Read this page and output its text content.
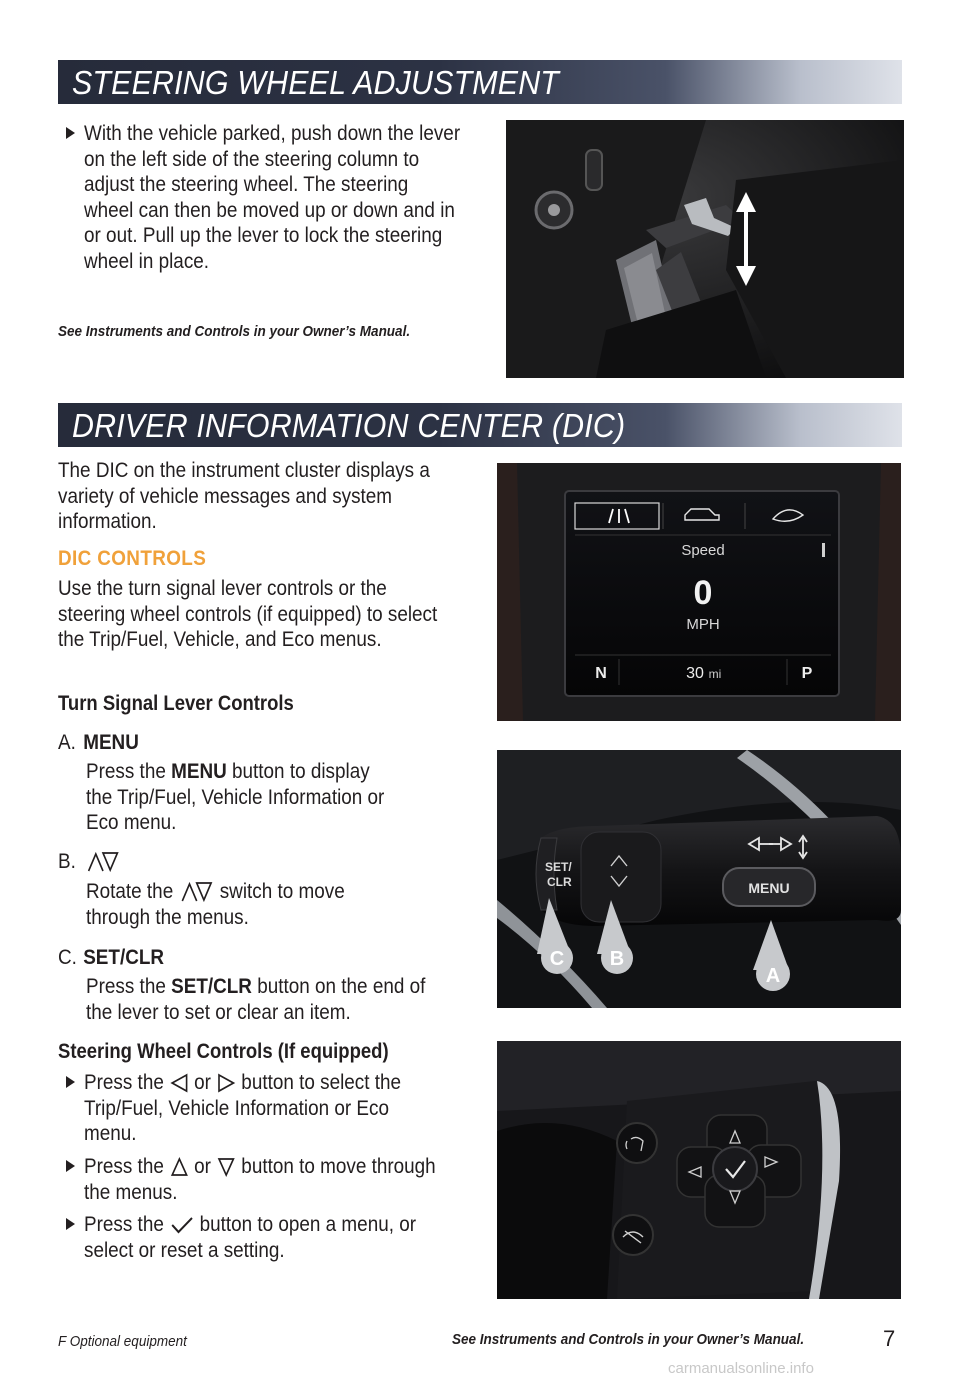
STEERING WHEEL ADJUSTMENT
With the vehicle parked, push down the lever on the left side of the steering column to adjust the steering wheel. The steering wheel can then be moved up or down and in or out. Pull up the lever to lock the steering wheel in place.
See Instruments and Controls in your Owner’s Manual.
DRIVER INFORMATION CENTER (DIC)
The DIC on the instrument cluster displays a variety of vehicle messages and system information.
DIC CONTROLS
Use the turn signal lever controls or the steering wheel controls (if equipped) to select the Trip/Fuel, Vehicle, and Eco menus.
Turn Signal Lever Controls
A. MENU
Press the MENU button to display the Trip/Fuel, Vehicle Information or Eco menu.
B.
Rotate the switch to move through the menus.
C. SET/CLR
Press the SET/CLR button on the end of the lever to set or clear an item.
Steering Wheel Controls (If equipped)
Press the or button to select the Trip/Fuel, Vehicle Information or Eco menu.
Press the or button to move through the menus.
Press the button to open a menu, or select or reset a setting.
Speed
0
MPH
N	30 mi	P
SET/
CLR	MENU
C B
A
F Optional equipment	See Instruments and Controls in your Owner’s Manual.	7
carmanualsonline.info
